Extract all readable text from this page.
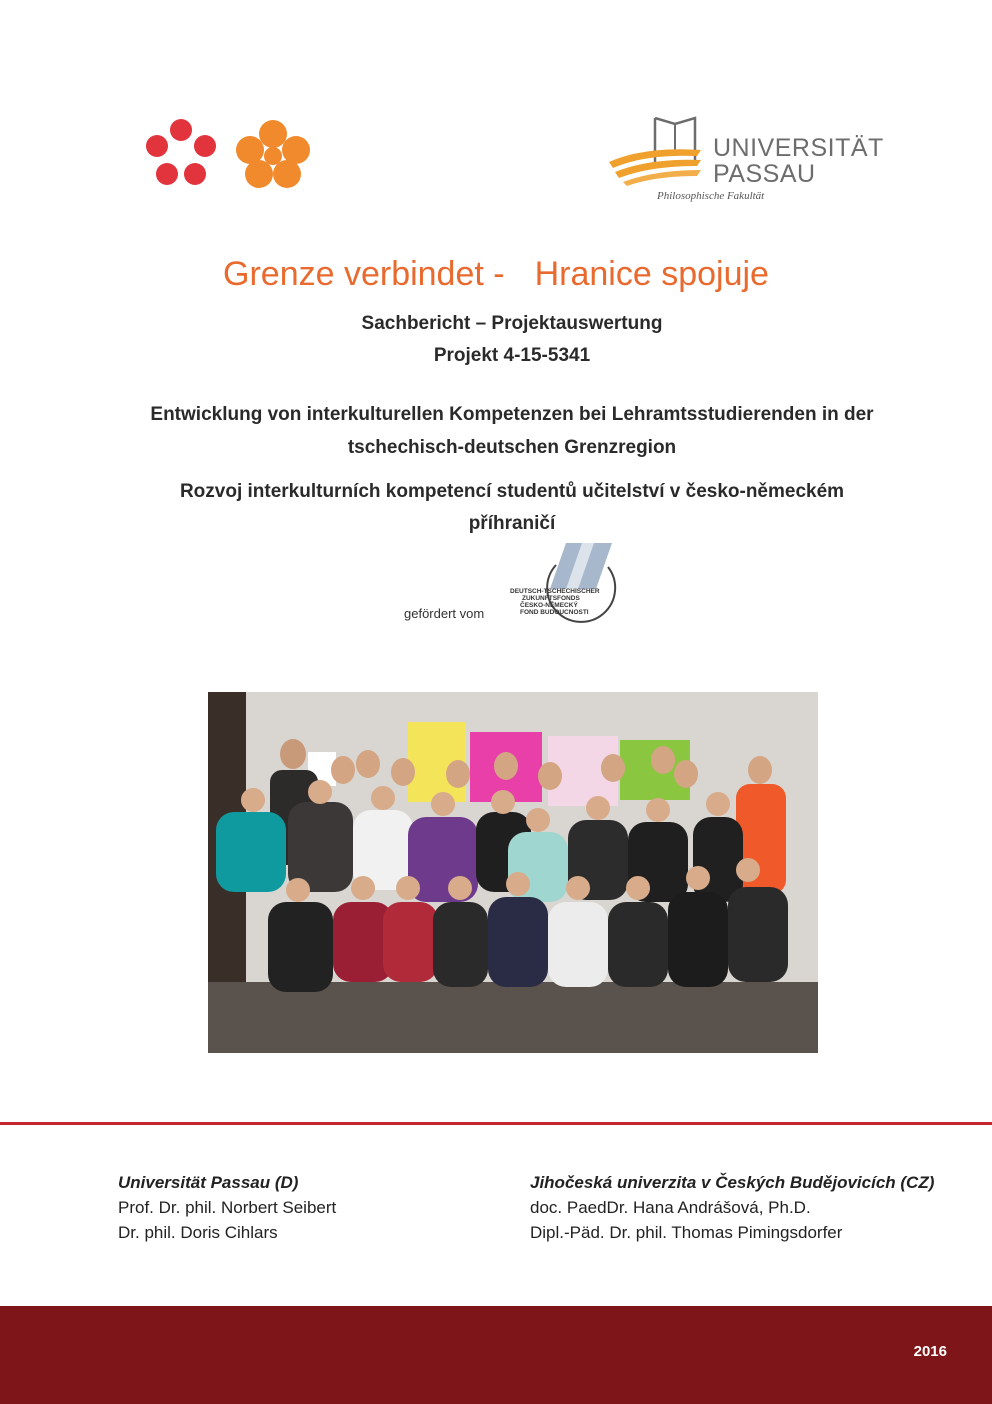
UNIVERSITÄT
PASSAU
Philosophische Fakultät
Grenze verbindet - Hranice spojuje
Sachbericht – Projektauswertung
Projekt 4-15-5341
Entwicklung von interkulturellen Kompetenzen bei Lehramtsstudierenden in der
tschechisch-deutschen Grenzregion
Rozvoj interkulturních kompetencí studentů učitelství v česko-německém
příhraničí
gefördert vom
DEUTSCH-TSCHECHISCHER
ZUKUNFTSFONDS
ČESKO-NĚMECKÝ
FOND BUDOUCNOSTI
Universität Passau (D)
Prof. Dr. phil. Norbert Seibert
Dr. phil. Doris Cihlars
Jihočeská univerzita v Českých Budějovicích (CZ)
doc. PaedDr. Hana Andrášová, Ph.D.
Dipl.-Päd. Dr. phil. Thomas Pimingsdorfer
2016
